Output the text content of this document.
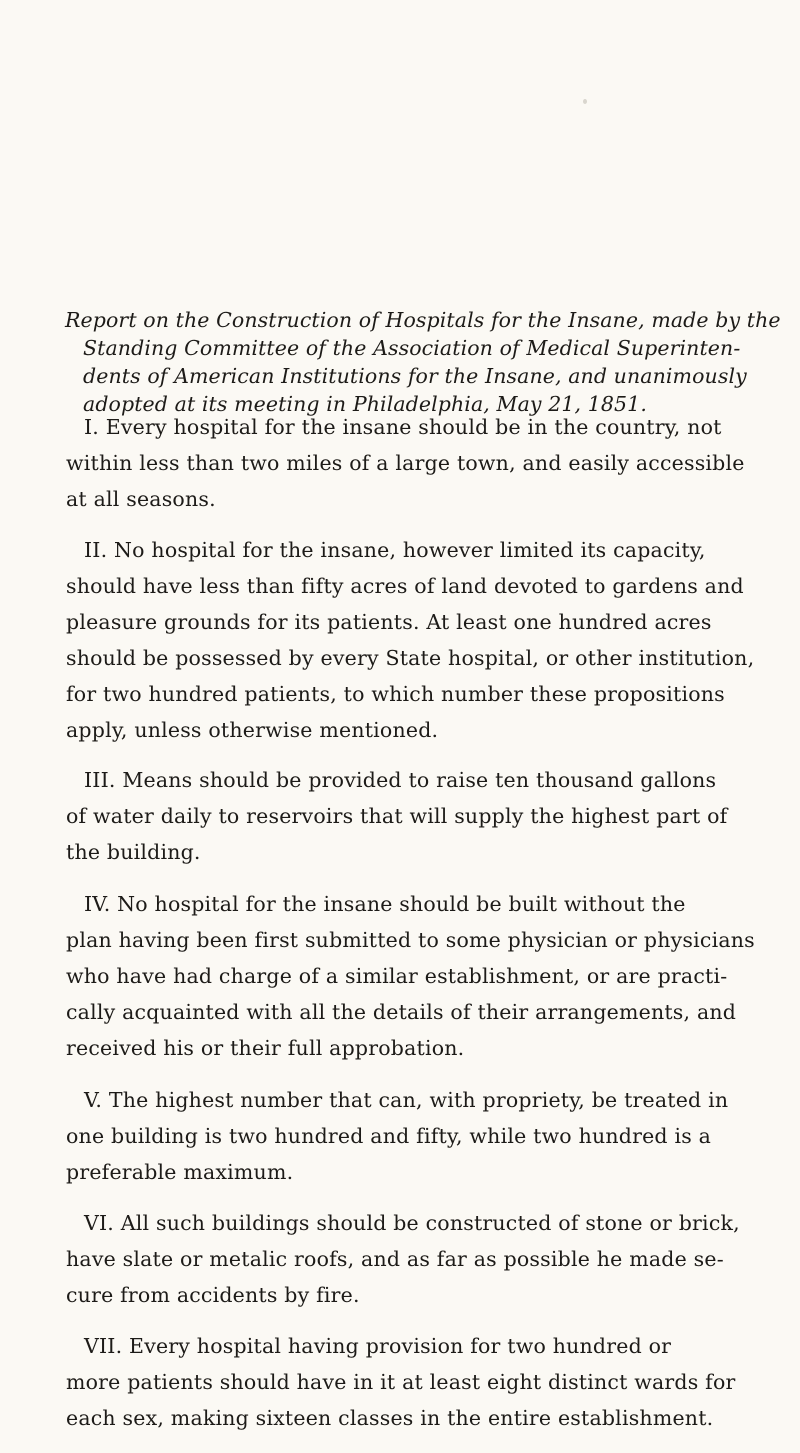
Report on the Construction of Hospitals for the Insane, made by the
Standing Committee of the Association of Medical Superinten-
dents of American Institutions for the Insane, and unanimously
adopted at its meeting in Philadelphia, May 21, 1851.
I. Every hospital for the insane should be in the country, not
within less than two miles of a large town, and easily accessible
at all seasons.
II. No hospital for the insane, however limited its capacity,
should have less than fifty acres of land devoted to gardens and
pleasure grounds for its patients. At least one hundred acres
should be possessed by every State hospital, or other institution,
for two hundred patients, to which number these propositions
apply, unless otherwise mentioned.
III. Means should be provided to raise ten thousand gallons
of water daily to reservoirs that will supply the highest part of
the building.
IV. No hospital for the insane should be built without the
plan having been first submitted to some physician or physicians
who have had charge of a similar establishment, or are practi-
cally acquainted with all the details of their arrangements, and
received his or their full approbation.
V. The highest number that can, with propriety, be treated in
one building is two hundred and fifty, while two hundred is a
preferable maximum.
VI. All such buildings should be constructed of stone or brick,
have slate or metalic roofs, and as far as possible he made se-
cure from accidents by fire.
VII. Every hospital having provision for two hundred or
more patients should have in it at least eight distinct wards for
each sex, making sixteen classes in the entire establishment.
